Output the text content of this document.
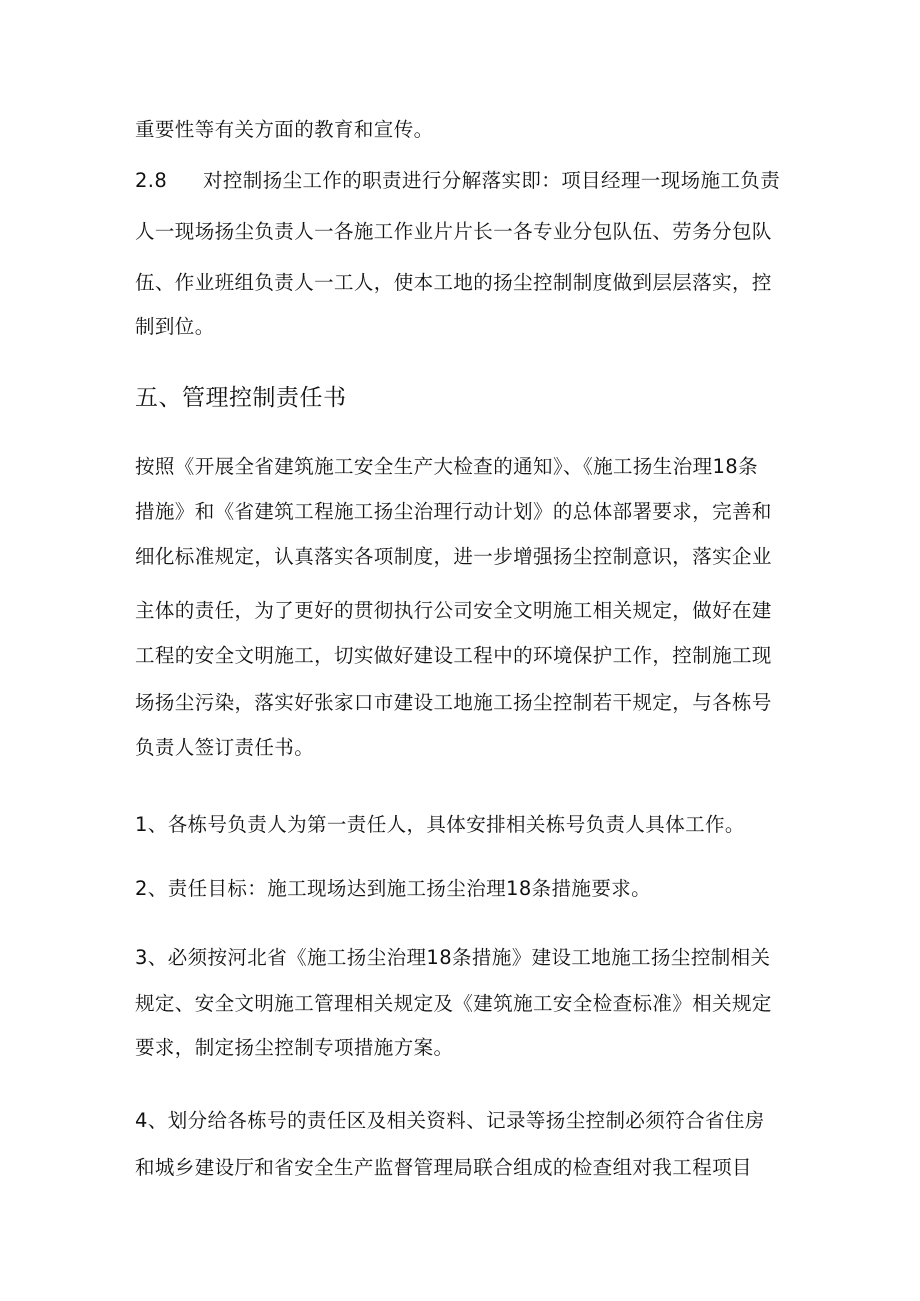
重要性等有关方面的教育和宣传。
2.8 对控制扬尘工作的职责进行分解落实即：项目经理一现场施工负责
人一现场扬尘负责人一各施工作业片片长一各专业分包队伍、劳务分包队
伍、作业班组负责人一工人，使本工地的扬尘控制制度做到层层落实，控
制到位。
五、管理控制责任书
按照《开展全省建筑施工安全生产大检查的通知》、《施工扬生治理18条
措施》和《省建筑工程施工扬尘治理行动计划》的总体部署要求，完善和
细化标准规定，认真落实各项制度，进一步增强扬尘控制意识，落实企业
主体的责任，为了更好的贯彻执行公司安全文明施工相关规定，做好在建
工程的安全文明施工，切实做好建设工程中的环境保护工作，控制施工现
场扬尘污染，落实好张家口市建设工地施工扬尘控制若干规定，与各栋号
负责人签订责任书。
1、各栋号负责人为第一责任人，具体安排相关栋号负责人具体工作。
2、责任目标：施工现场达到施工扬尘治理18条措施要求。
3、必须按河北省《施工扬尘治理18条措施》建设工地施工扬尘控制相关
规定、安全文明施工管理相关规定及《建筑施工安全检查标准》相关规定
要求，制定扬尘控制专项措施方案。
4、划分给各栋号的责任区及相关资料、记录等扬尘控制必须符合省住房
和城乡建设厅和省安全生产监督管理局联合组成的检查组对我工程项目
